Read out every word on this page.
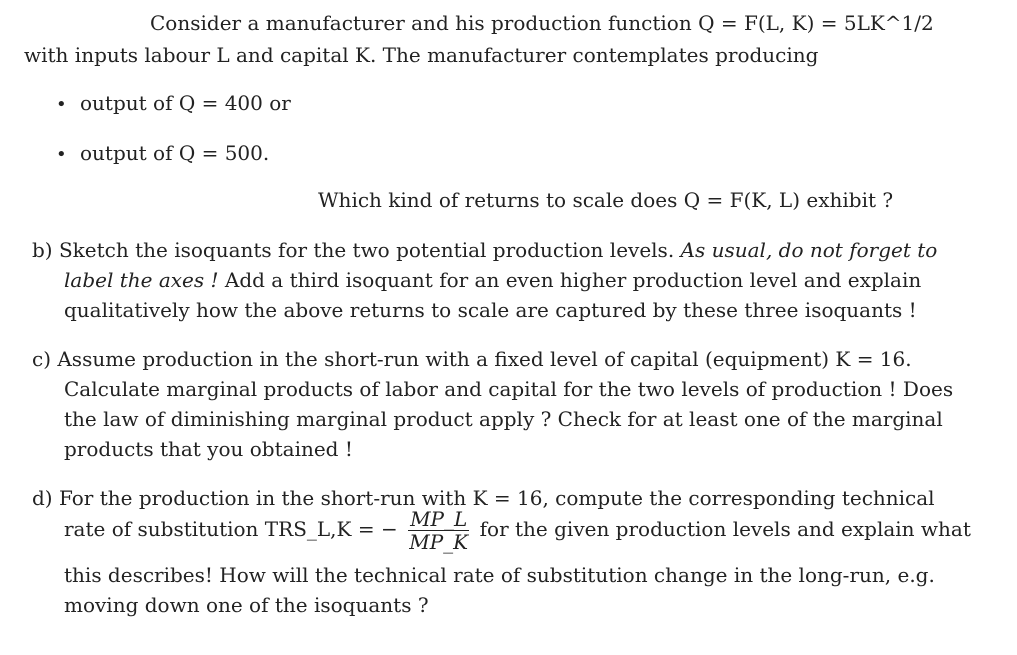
Consider a manufacturer and his production function Q = F(L, K) = 5LK^1/2
with inputs labour L and capital K. The manufacturer contemplates producing
• output of Q = 400 or
• output of Q = 500.
Which kind of returns to scale does Q = F(K, L) exhibit ?
b) Sketch the isoquants for the two potential production levels. As usual, do not forget to
label the axes ! Add a third isoquant for an even higher production level and explain
qualitatively how the above returns to scale are captured by these three isoquants !
c) Assume production in the short-run with a fixed level of capital (equipment) K = 16.
Calculate marginal products of labor and capital for the two levels of production ! Does
the law of diminishing marginal product apply ? Check for at least one of the marginal
products that you obtained !
d) For the production in the short-run with K = 16, compute the corresponding technical
rate of substitution TRS_L,K = − $\frac{MP\_L}{MP\_K}$ for the given production levels and explain what
this describes! How will the technical rate of substitution change in the long-run, e.g.
moving down one of the isoquants ?
